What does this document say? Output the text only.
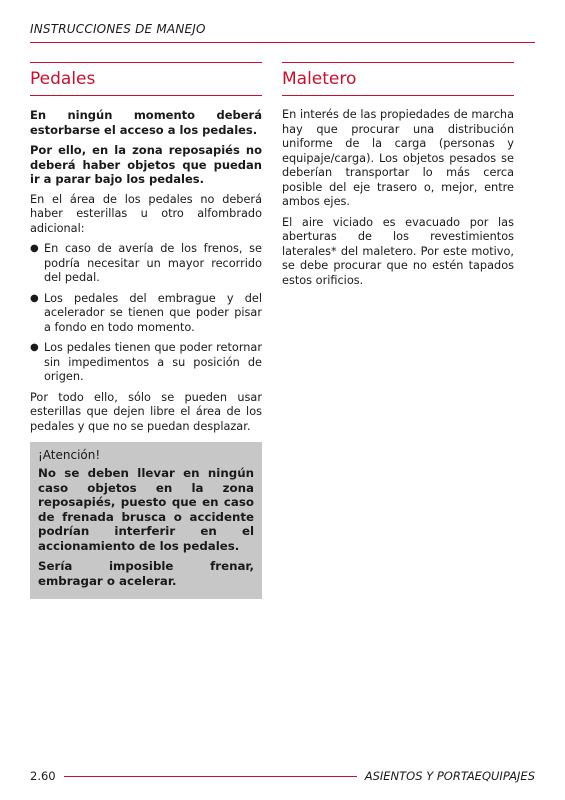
INSTRUCCIONES DE MANEJO
Pedales

En ningún momento deberá estorbarse el acceso a los pedales.

Por ello, en la zona reposapiés no deberá haber objetos que puedan ir a parar bajo los pedales.

En el área de los pedales no deberá haber esterillas u otro alfombrado adicional:

● En caso de avería de los frenos, se podría necesitar un mayor recorrido del pedal.
● Los pedales del embrague y del acelerador se tienen que poder pisar a fondo en todo momento.
● Los pedales tienen que poder retornar sin impedimentos a su posición de origen.

Por todo ello, sólo se pueden usar esterillas que dejen libre el área de los pedales y que no se puedan desplazar.

¡Atención!

No se deben llevar en ningún caso objetos en la zona reposapiés, puesto que en caso de frenada brusca o accidente podrían interferir en el accionamiento de los pedales.

Sería imposible frenar, embragar o acelerar.

Maletero

En interés de las propiedades de marcha hay que procurar una distribución uniforme de la carga (personas y equipaje/carga). Los objetos pesados se deberían transportar lo más cerca posible del eje trasero o, mejor, entre ambos ejes.

El aire viciado es evacuado por las aberturas de los revestimientos laterales* del maletero. Por este motivo, se debe procurar que no estén tapados estos orificios.

2.60	ASIENTOS Y PORTAEQUIPAJES
